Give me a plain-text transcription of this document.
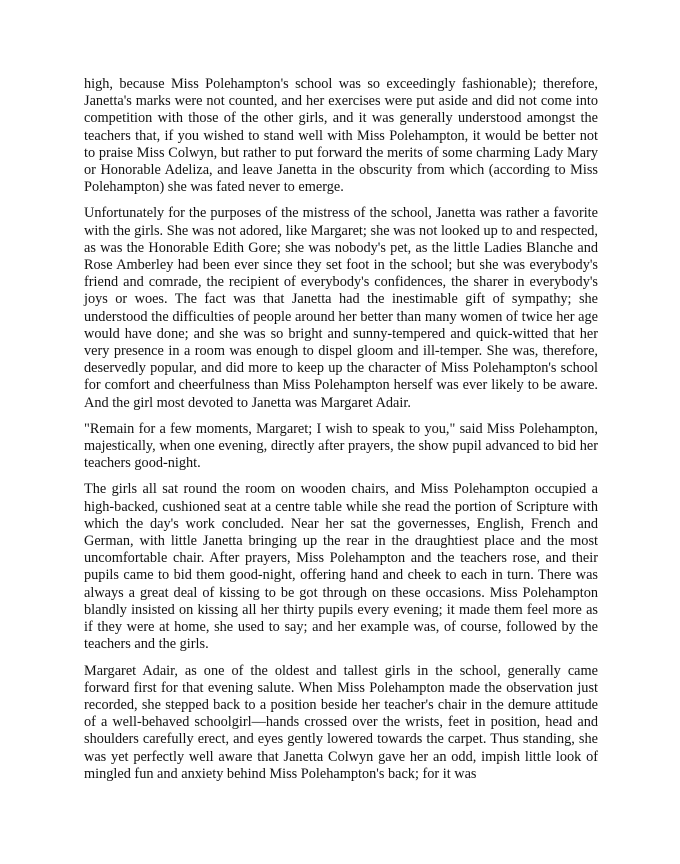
high, because Miss Polehampton's school was so exceedingly fashionable); therefore, Janetta's marks were not counted, and her exercises were put aside and did not come into competition with those of the other girls, and it was generally understood amongst the teachers that, if you wished to stand well with Miss Polehampton, it would be better not to praise Miss Colwyn, but rather to put forward the merits of some charming Lady Mary or Honorable Adeliza, and leave Janetta in the obscurity from which (according to Miss Polehampton) she was fated never to emerge.

Unfortunately for the purposes of the mistress of the school, Janetta was rather a favorite with the girls. She was not adored, like Margaret; she was not looked up to and respected, as was the Honorable Edith Gore; she was nobody's pet, as the little Ladies Blanche and Rose Amberley had been ever since they set foot in the school; but she was everybody's friend and comrade, the recipient of everybody's confidences, the sharer in everybody's joys or woes. The fact was that Janetta had the inestimable gift of sympathy; she understood the difficulties of people around her better than many women of twice her age would have done; and she was so bright and sunny-tempered and quick-witted that her very presence in a room was enough to dispel gloom and ill-temper. She was, therefore, deservedly popular, and did more to keep up the character of Miss Polehampton's school for comfort and cheerfulness than Miss Polehampton herself was ever likely to be aware. And the girl most devoted to Janetta was Margaret Adair.

"Remain for a few moments, Margaret; I wish to speak to you," said Miss Polehampton, majestically, when one evening, directly after prayers, the show pupil advanced to bid her teachers good-night.

The girls all sat round the room on wooden chairs, and Miss Polehampton occupied a high-backed, cushioned seat at a centre table while she read the portion of Scripture with which the day's work concluded. Near her sat the governesses, English, French and German, with little Janetta bringing up the rear in the draughtiest place and the most uncomfortable chair. After prayers, Miss Polehampton and the teachers rose, and their pupils came to bid them good-night, offering hand and cheek to each in turn. There was always a great deal of kissing to be got through on these occasions. Miss Polehampton blandly insisted on kissing all her thirty pupils every evening; it made them feel more as if they were at home, she used to say; and her example was, of course, followed by the teachers and the girls.

Margaret Adair, as one of the oldest and tallest girls in the school, generally came forward first for that evening salute. When Miss Polehampton made the observation just recorded, she stepped back to a position beside her teacher's chair in the demure attitude of a well-behaved schoolgirl—hands crossed over the wrists, feet in position, head and shoulders carefully erect, and eyes gently lowered towards the carpet. Thus standing, she was yet perfectly well aware that Janetta Colwyn gave her an odd, impish little look of mingled fun and anxiety behind Miss Polehampton's back; for it was
